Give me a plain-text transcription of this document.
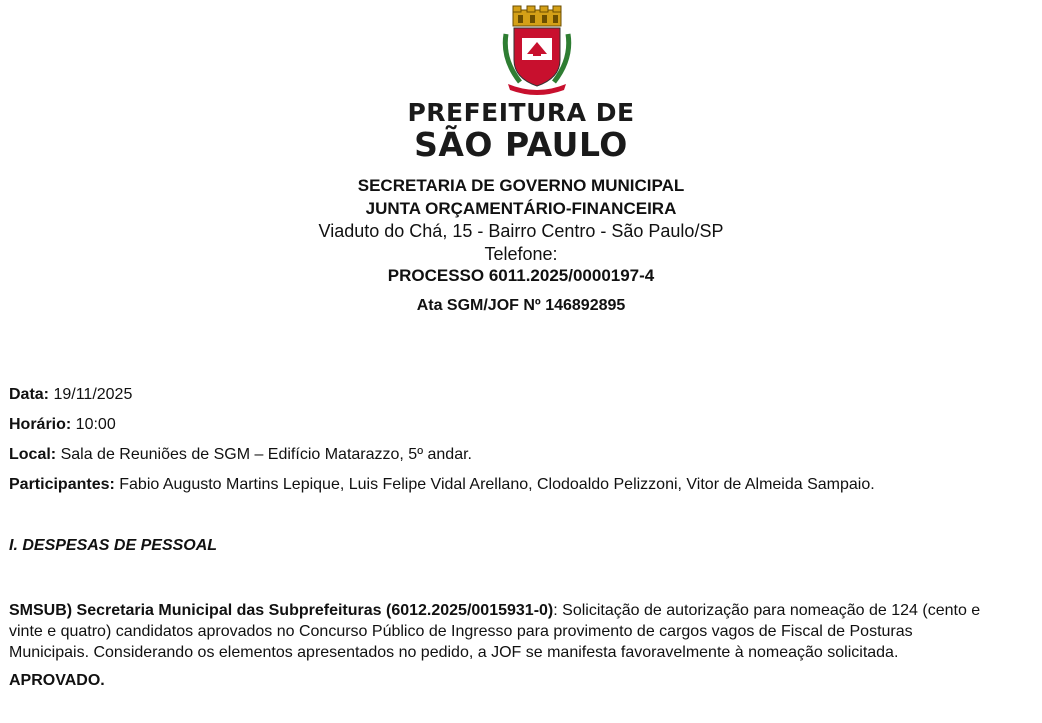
PREFEITURA DE
SÃO PAULO
SECRETARIA DE GOVERNO MUNICIPAL
JUNTA ORÇAMENTÁRIO-FINANCEIRA
Viaduto do Chá, 15 - Bairro Centro - São Paulo/SP
Telefone:
PROCESSO 6011.2025/0000197-4
Ata SGM/JOF Nº 146892895
Data: 19/11/2025
Horário: 10:00
Local: Sala de Reuniões de SGM – Edifício Matarazzo, 5º andar.
Participantes: Fabio Augusto Martins Lepique, Luis Felipe Vidal Arellano, Clodoaldo Pelizzoni, Vitor de Almeida Sampaio.
I. DESPESAS DE PESSOAL
SMSUB) Secretaria Municipal das Subprefeituras (6012.2025/0015931-0): Solicitação de autorização para nomeação de 124 (cento e
vinte e quatro) candidatos aprovados no Concurso Público de Ingresso para provimento de cargos vagos de Fiscal de Posturas
Municipais. Considerando os elementos apresentados no pedido, a JOF se manifesta favoravelmente à nomeação solicitada.
APROVADO.
